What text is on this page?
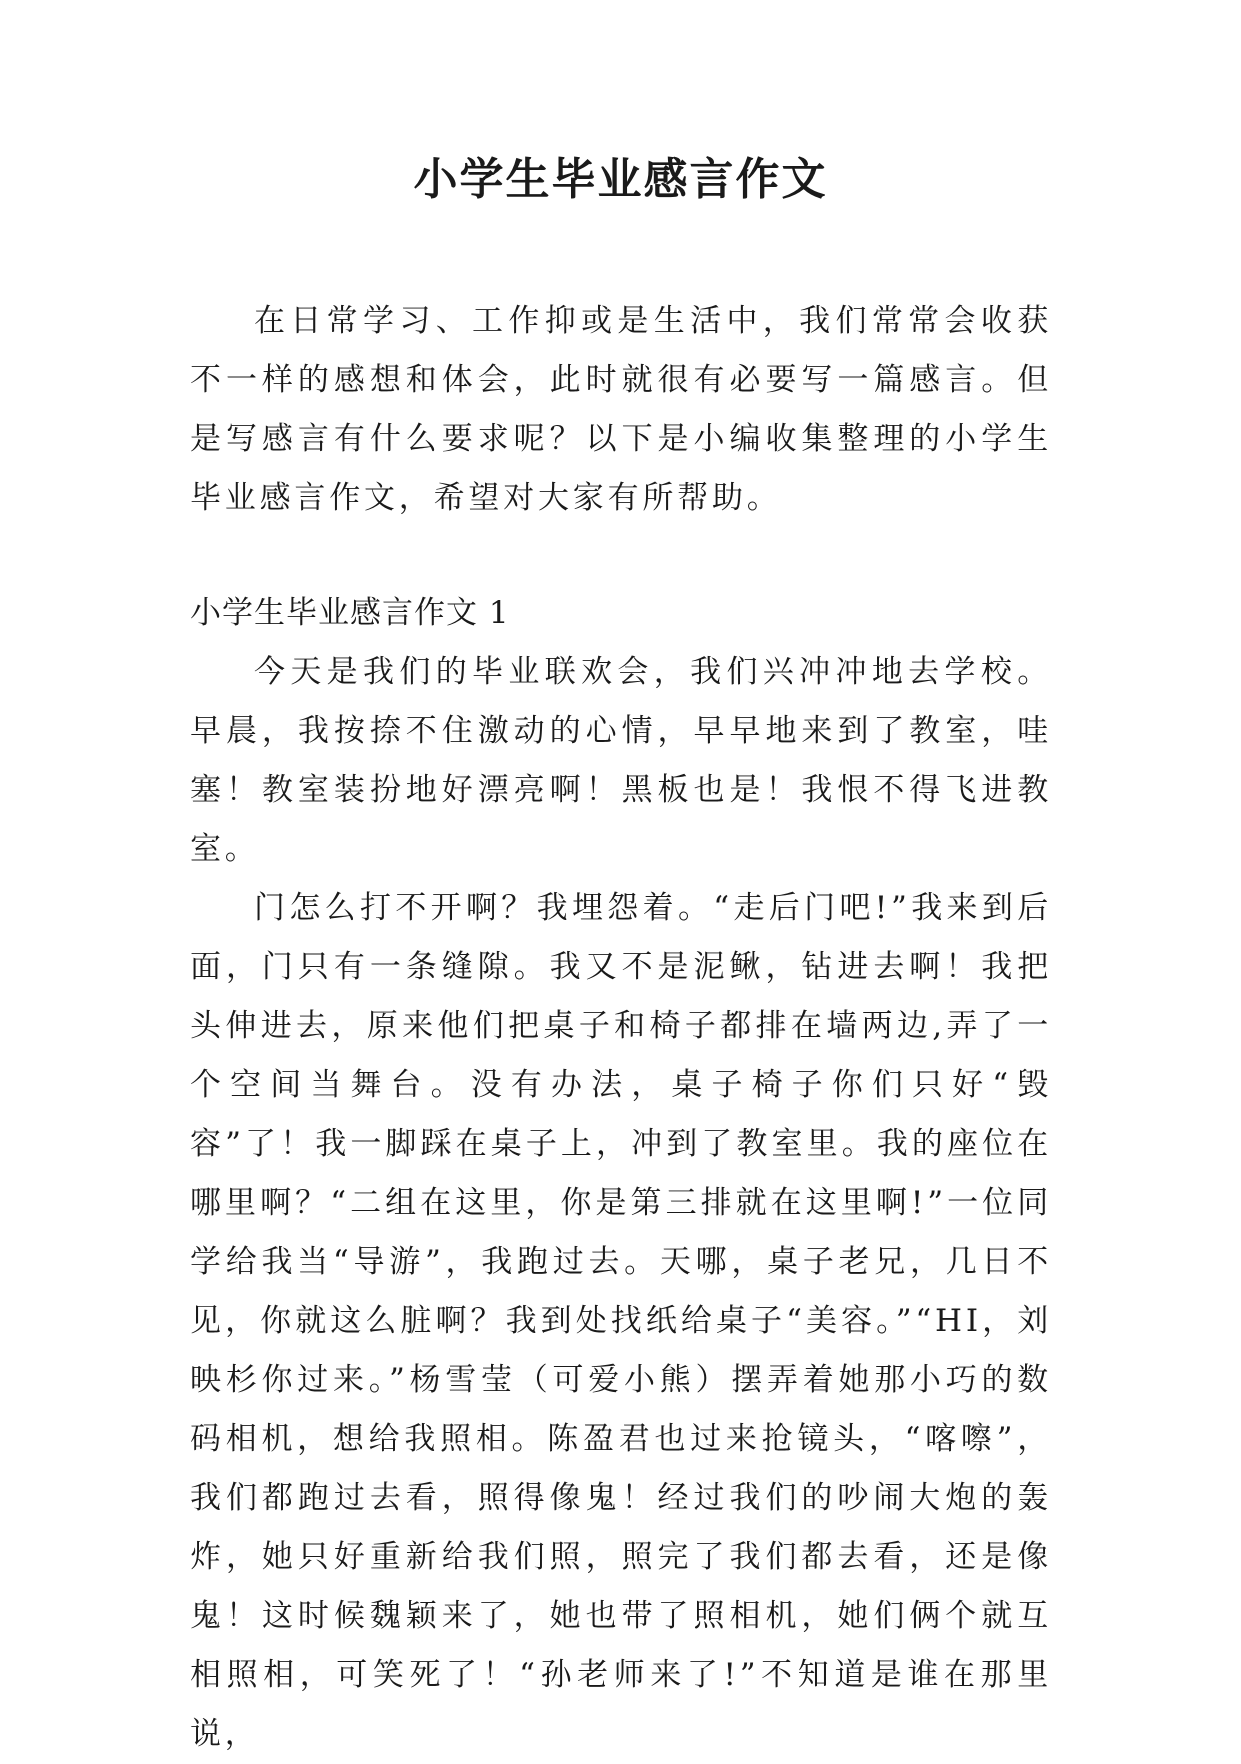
小学生毕业感言作文

在日常学习、工作抑或是生活中，我们常常会收获不一样的感想和体会，此时就很有必要写一篇感言。但是写感言有什么要求呢？以下是小编收集整理的小学生毕业感言作文，希望对大家有所帮助。

小学生毕业感言作文 1

今天是我们的毕业联欢会，我们兴冲冲地去学校。早晨，我按捺不住激动的心情，早早地来到了教室，哇塞！教室装扮地好漂亮啊！黑板也是！我恨不得飞进教室。

门怎么打不开啊？我埋怨着。“走后门吧!”我来到后面，门只有一条缝隙。我又不是泥鳅，钻进去啊！我把头伸进去，原来他们把桌子和椅子都排在墙两边,弄了一个空间当舞台。没有办法，桌子椅子你们只好“毁容”了！我一脚踩在桌子上，冲到了教室里。我的座位在哪里啊？“二组在这里，你是第三排就在这里啊!”一位同学给我当“导游”，我跑过去。天哪，桌子老兄，几日不见，你就这么脏啊？我到处找纸给桌子“美容。”“HI，刘映杉你过来。”杨雪莹（可爱小熊）摆弄着她那小巧的数码相机，想给我照相。陈盈君也过来抢镜头，“喀嚓”，我们都跑过去看，照得像鬼！经过我们的吵闹大炮的轰炸，她只好重新给我们照，照完了我们都去看，还是像鬼！这时候魏颖来了，她也带了照相机，她们俩个就互相照相，可笑死了！“孙老师来了!”不知道是谁在那里说，
